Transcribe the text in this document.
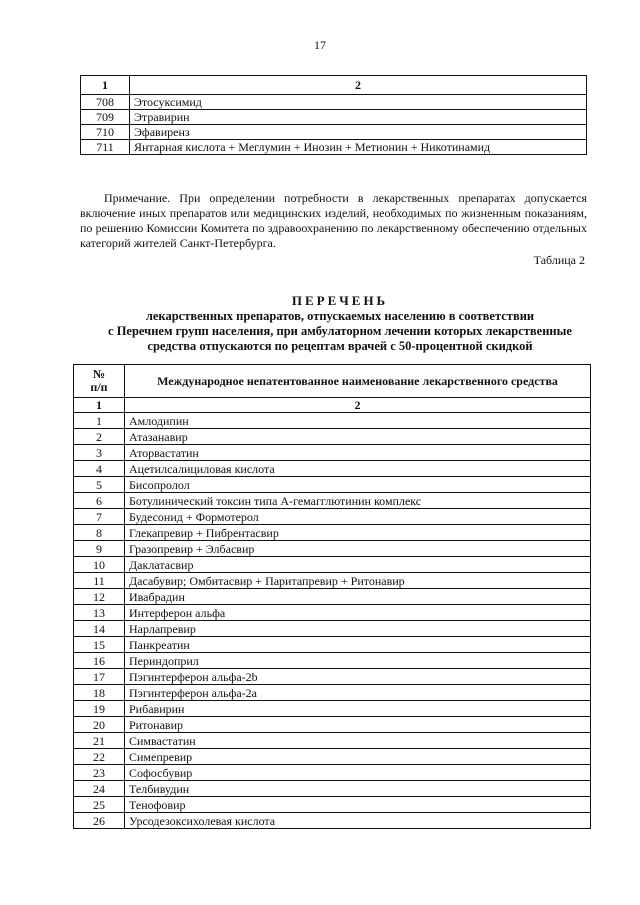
17
1	2
708	Этосуксимид
709	Этравирин
710	Эфавиренз
711	Янтарная кислота + Меглумин + Инозин + Метионин + Никотинамид

Примечание. При определении потребности в лекарственных препаратах допускается включение иных препаратов или медицинских изделий, необходимых по жизненным показаниям, по решению Комиссии Комитета по здравоохранению по лекарственному обеспечению отдельных категорий жителей Санкт-Петербурга.

Таблица 2
ПЕРЕЧЕНЬ
лекарственных препаратов, отпускаемых населению в соответствии
с Перечнем групп населения, при амбулаторном лечении которых лекарственные
средства отпускаются по рецептам врачей с 50-процентной скидкой
№
п/п	Международное непатентованное наименование лекарственного средства
1	2
1	Амлодипин
2	Атазанавир
3	Аторвастатин
4	Ацетилсалициловая кислота
5	Бисопролол
6	Ботулинический токсин типа А-гемагглютинин комплекс
7	Будесонид + Формотерол
8	Глекапревир + Пибрентасвир
9	Гразопревир + Элбасвир
10	Даклатасвир
11	Дасабувир; Омбитасвир + Паритапревир + Ритонавир
12	Ивабрадин
13	Интерферон альфа
14	Нарлапревир
15	Панкреатин
16	Периндоприл
17	Пэгинтерферон альфа-2b
18	Пэгинтерферон альфа-2а
19	Рибавирин
20	Ритонавир
21	Симвастатин
22	Симепревир
23	Софосбувир
24	Телбивудин
25	Тенофовир
26	Урсодезоксихолевая кислота
